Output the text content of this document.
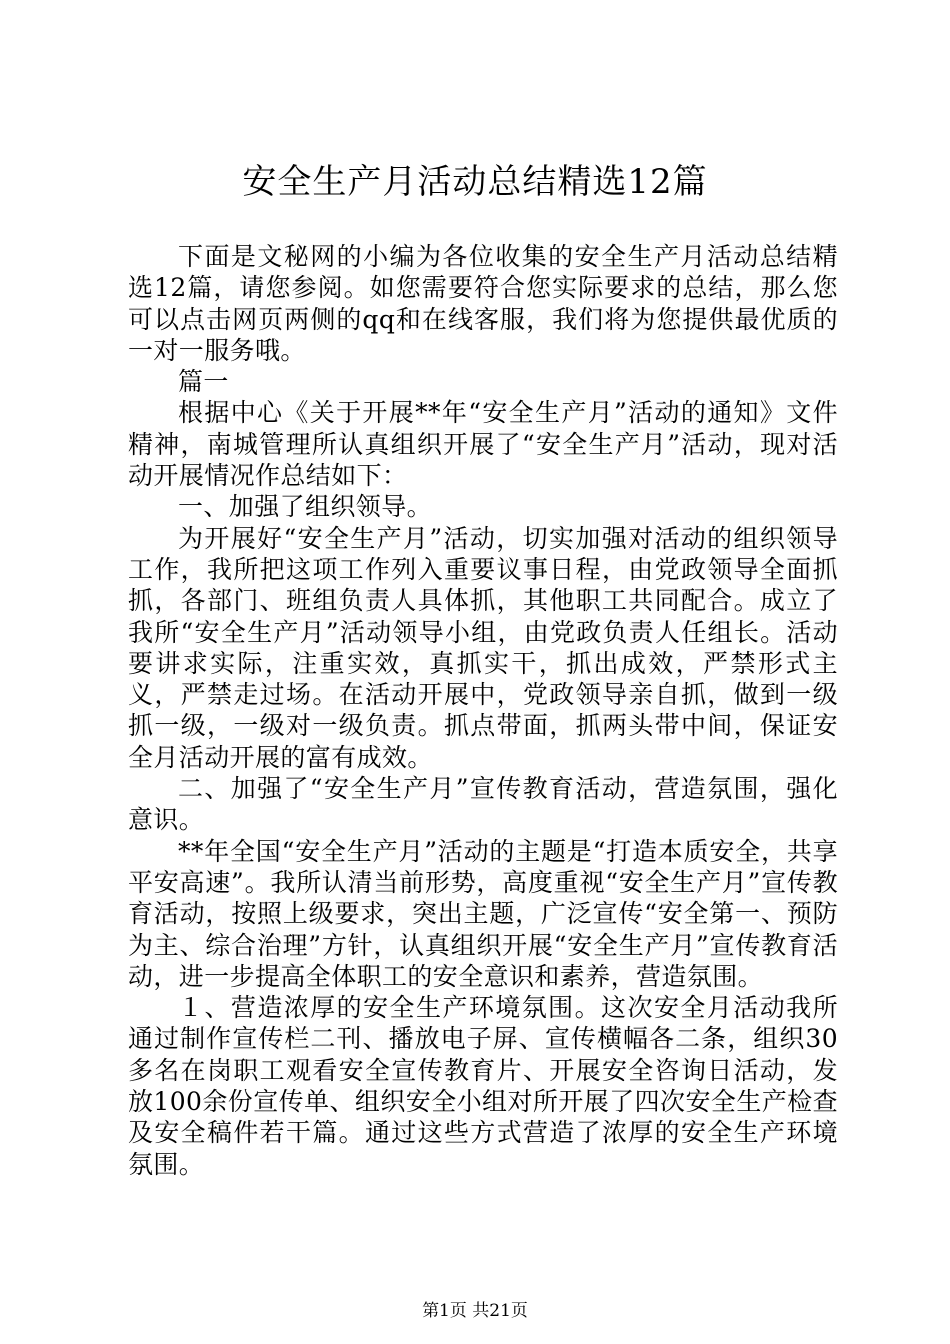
安全生产月活动总结精选12篇

下面是文秘网的小编为各位收集的安全生产月活动总结精选12篇，请您参阅。如您需要符合您实际要求的总结，那么您可以点击网页两侧的qq和在线客服，我们将为您提供最优质的一对一服务哦。

篇一

根据中心《关于开展**年“安全生产月”活动的通知》文件精神，南城管理所认真组织开展了“安全生产月”活动，现对活动开展情况作总结如下：

一、加强了组织领导。

为开展好“安全生产月”活动，切实加强对活动的组织领导工作，我所把这项工作列入重要议事日程，由党政领导全面抓抓，各部门、班组负责人具体抓，其他职工共同配合。成立了我所“安全生产月”活动领导小组，由党政负责人任组长。活动要讲求实际，注重实效，真抓实干，抓出成效，严禁形式主义，严禁走过场。在活动开展中，党政领导亲自抓，做到一级抓一级，一级对一级负责。抓点带面，抓两头带中间，保证安全月活动开展的富有成效。

二、加强了“安全生产月”宣传教育活动，营造氛围，强化意识。

**年全国“安全生产月”活动的主题是“打造本质安全，共享平安高速”。我所认清当前形势，高度重视“安全生产月”宣传教育活动，按照上级要求，突出主题，广泛宣传“安全第一、预防为主、综合治理”方针，认真组织开展“安全生产月”宣传教育活动，进一步提高全体职工的安全意识和素养，营造氛围。

１、营造浓厚的安全生产环境氛围。这次安全月活动我所通过制作宣传栏二刊、播放电子屏、宣传横幅各二条，组织30多名在岗职工观看安全宣传教育片、开展安全咨询日活动，发放100余份宣传单、组织安全小组对所开展了四次安全生产检查及安全稿件若干篇。通过这些方式营造了浓厚的安全生产环境氛围。

第1页 共21页
